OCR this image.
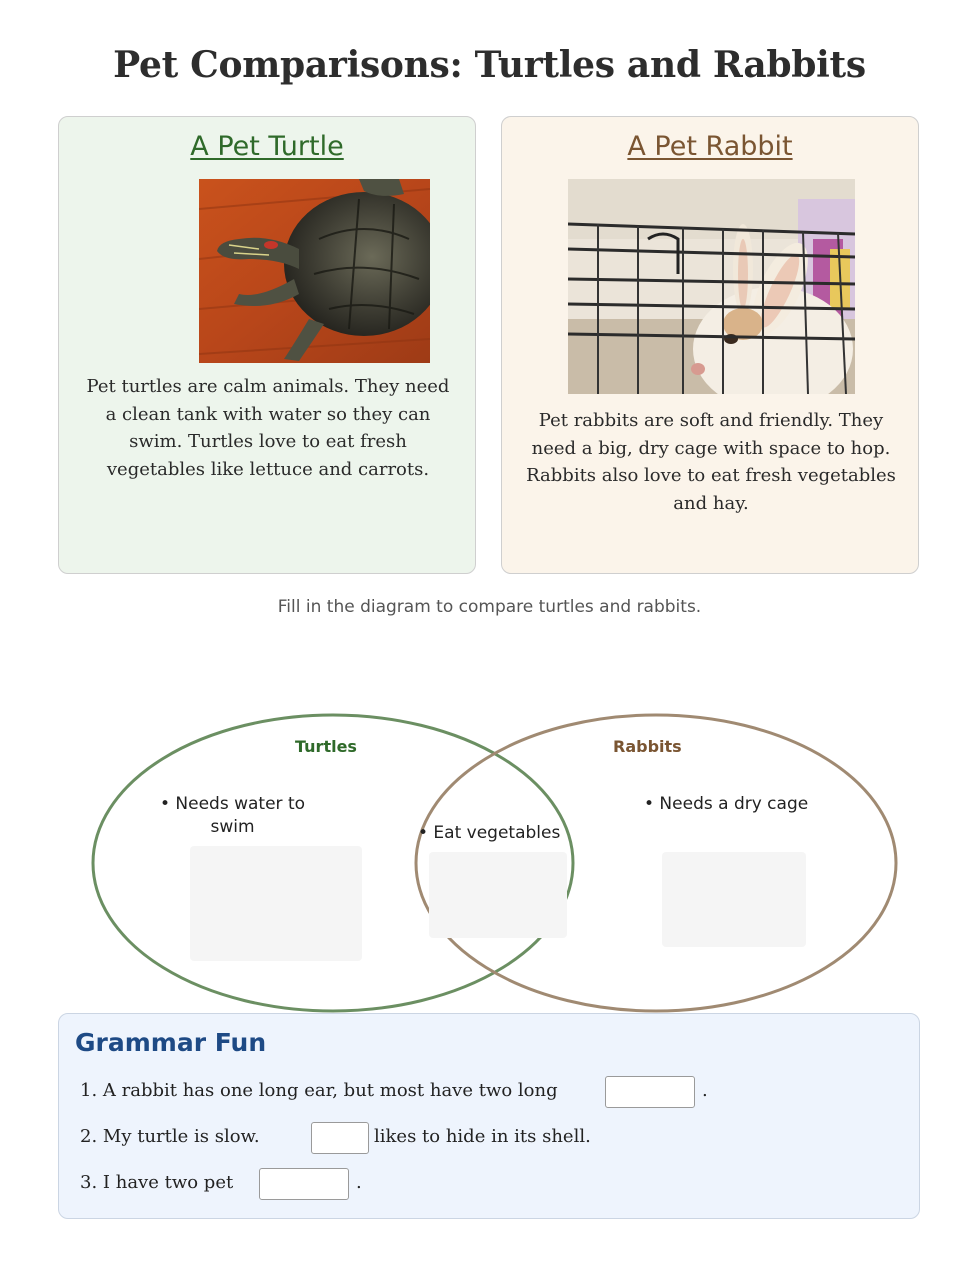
Pet Comparisons: Turtles and Rabbits
A Pet Turtle

Pet turtles are calm animals. They need a clean tank with water so they can swim. Turtles love to eat fresh vegetables like lettuce and carrots.

A Pet Rabbit

Pet rabbits are soft and friendly. They need a big, dry cage with space to hop. Rabbits also love to eat fresh vegetables and hay.

Fill in the diagram to compare turtles and rabbits.
Turtles	Rabbits
• Needs water to swim	• Eat vegetables
• Needs a dry cage
Grammar Fun
1. A rabbit has one long ear, but most have two long	.
2. My turtle is slow.	likes to hide in its shell.
3. I have two pet	.
